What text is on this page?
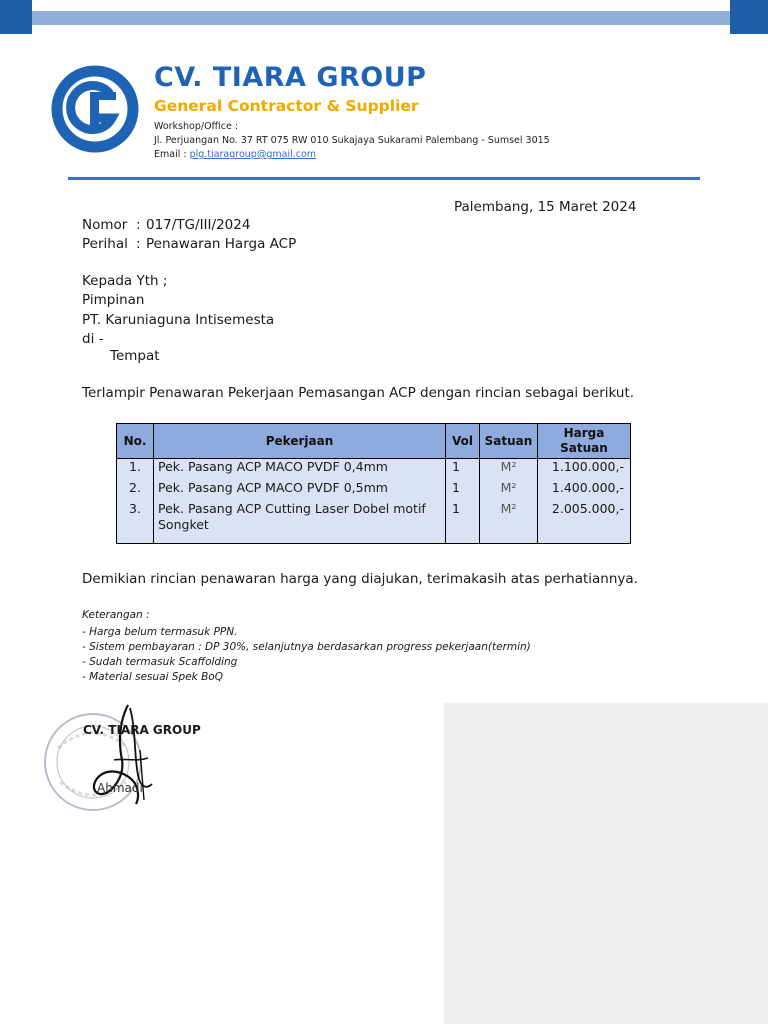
CV. TIARA GROUP
General Contractor & Supplier
Workshop/Office :
Jl. Perjuangan No. 37 RT 075 RW 010 Sukajaya Sukarami Palembang - Sumsel 3015
Email : plg.tiaragroup@gmail.com
Palembang, 15 Maret 2024
Nomor : 017/TG/III/2024
Perihal : Penawaran Harga ACP
Kepada Yth ;
Pimpinan
PT. Karuniaguna Intisemesta
di -
Tempat
Terlampir Penawaran Pekerjaan Pemasangan ACP dengan rincian sebagai berikut.
No.	Pekerjaan	Vol	Satuan	Harga Satuan
1.	Pek. Pasang ACP MACO PVDF 0,4mm	1	M²	1.100.000,-
2.	Pek. Pasang ACP MACO PVDF 0,5mm	1	M²	1.400.000,-
3.	Pek. Pasang ACP Cutting Laser Dobel motif Songket	1	M²	2.005.000,-
Demikian rincian penawaran harga yang diajukan, terimakasih atas perhatiannya.
Keterangan :
- Harga belum termasuk PPN.
- Sistem pembayaran : DP 30%, selanjutnya berdasarkan progress pekerjaan(termin)
- Sudah termasuk Scaffolding
- Material sesuai Spek BoQ
CV. TIARA GROUP
Ahmadi
